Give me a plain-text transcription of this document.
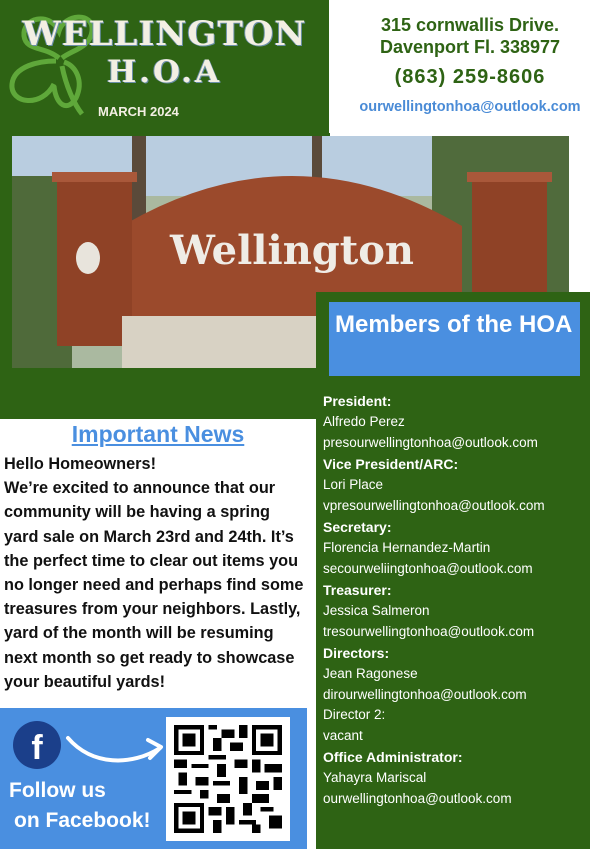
WELLINGTON
H.O.A
MARCH 2024
315 cornwallis Drive.
Davenport Fl. 338977
(863) 259-8606
ourwellingtonhoa@outlook.com
Wellington
Members of the HOA
President:
Alfredo Perez
presourwellingtonhoa@outlook.com
Vice President/ARC:
Lori Place
vpresourwellingtonhoa@outlook.com
Secretary:
Florencia Hernandez-Martin
secourweliingtonhoa@outlook.com
Treasurer:
Jessica Salmeron
tresourwellingtonhoa@outlook.com
Directors:
Jean Ragonese
dirourwellingtonhoa@outlook.com
Director 2:
vacant
Office Administrator:
Yahayra Mariscal
ourwellingtonhoa@outlook.com
Important News
Hello Homeowners!
We’re excited to announce that our community will be having a spring yard sale on March 23rd and 24th. It’s the perfect time to clear out items you no longer need and perhaps find some treasures from your neighbors. Lastly, yard of the month will be resuming next month so get ready to showcase your beautiful yards!
f
Follow us
on Facebook!
